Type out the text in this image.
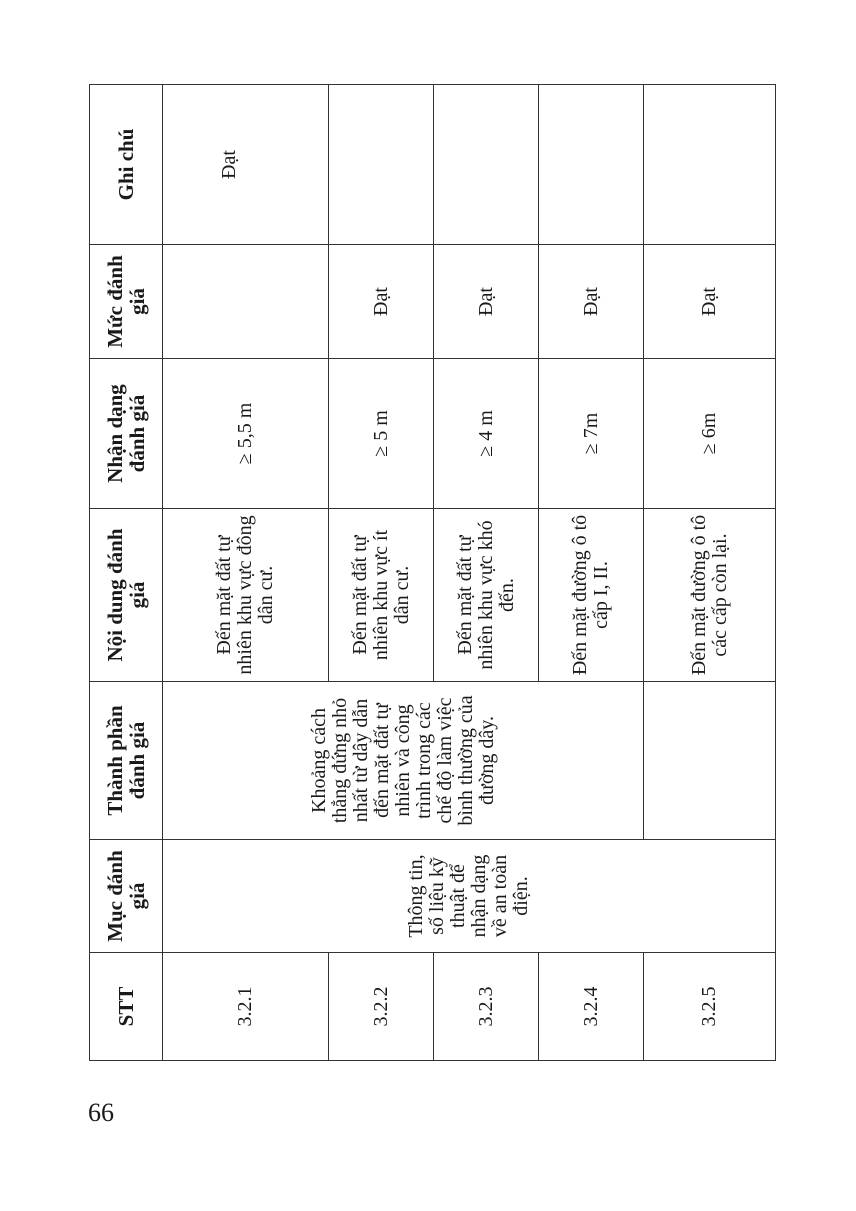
STT	Mục đánh giá	Thành phần đánh giá	Nội dung đánh giá	Nhận dạng đánh giá	Mức đánh giá	Ghi chú
3.2.1	Thông tin, số liệu kỹ thuật để nhận dạng về an toàn điện.	Khoảng cách thẳng đứng nhỏ nhất từ dây dẫn đến mặt đất tự nhiên và công trình trong các chế độ làm việc bình thường của đường dây.	Đến mặt đất tự nhiên khu vực đông dân cư.	≥ 5,5 m		Đạt
3.2.2			Đến mặt đất tự nhiên khu vực ít dân cư.	≥ 5 m	Đạt	
3.2.3			Đến mặt đất tự nhiên khu vực khó đến.	≥ 4 m	Đạt	
3.2.4			Đến mặt đường ô tô cấp I, II.	≥ 7m	Đạt	
3.2.5			Đến mặt đường ô tô các cấp còn lại.	≥ 6m	Đạt	
66
